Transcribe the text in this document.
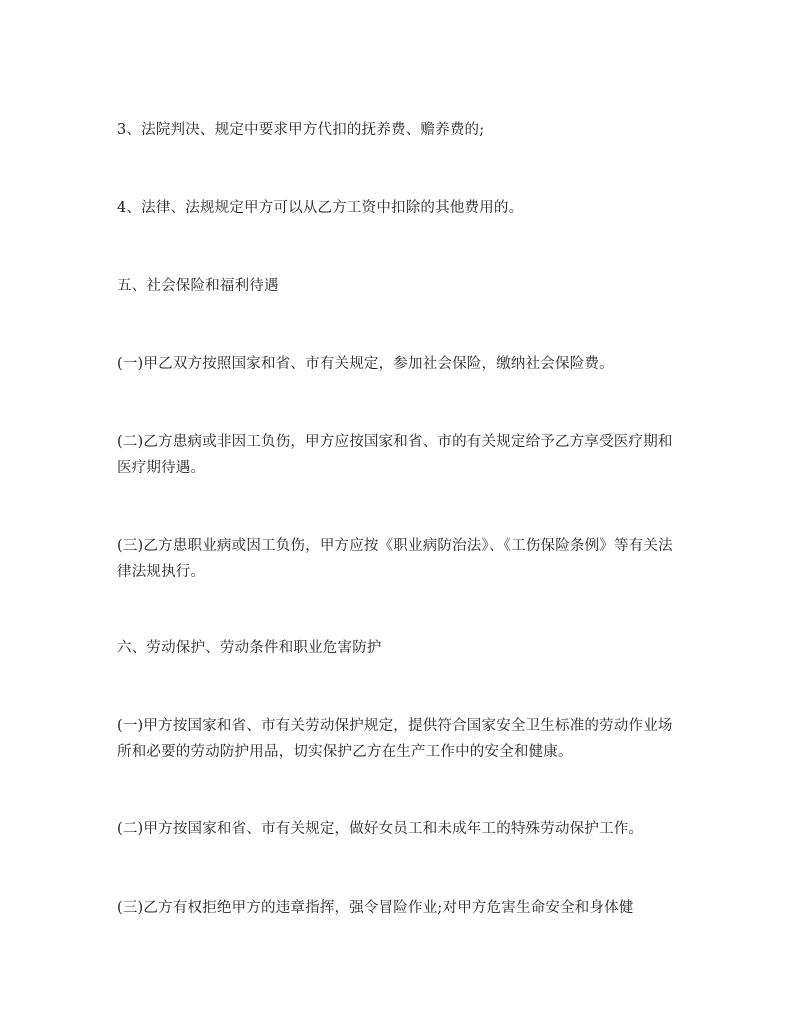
3、法院判决、规定中要求甲方代扣的抚养费、赡养费的;

4、法律、法规规定甲方可以从乙方工资中扣除的其他费用的。

五、社会保险和福利待遇

(一)甲乙双方按照国家和省、市有关规定，参加社会保险，缴纳社会保险费。

(二)乙方患病或非因工负伤，甲方应按国家和省、市的有关规定给予乙方享受医疗期和医疗期待遇。

(三)乙方患职业病或因工负伤，甲方应按《职业病防治法》、《工伤保险条例》等有关法律法规执行。

六、劳动保护、劳动条件和职业危害防护

(一)甲方按国家和省、市有关劳动保护规定，提供符合国家安全卫生标准的劳动作业场所和必要的劳动防护用品，切实保护乙方在生产工作中的安全和健康。

(二)甲方按国家和省、市有关规定，做好女员工和未成年工的特殊劳动保护工作。

(三)乙方有权拒绝甲方的违章指挥，强令冒险作业;对甲方危害生命安全和身体健
